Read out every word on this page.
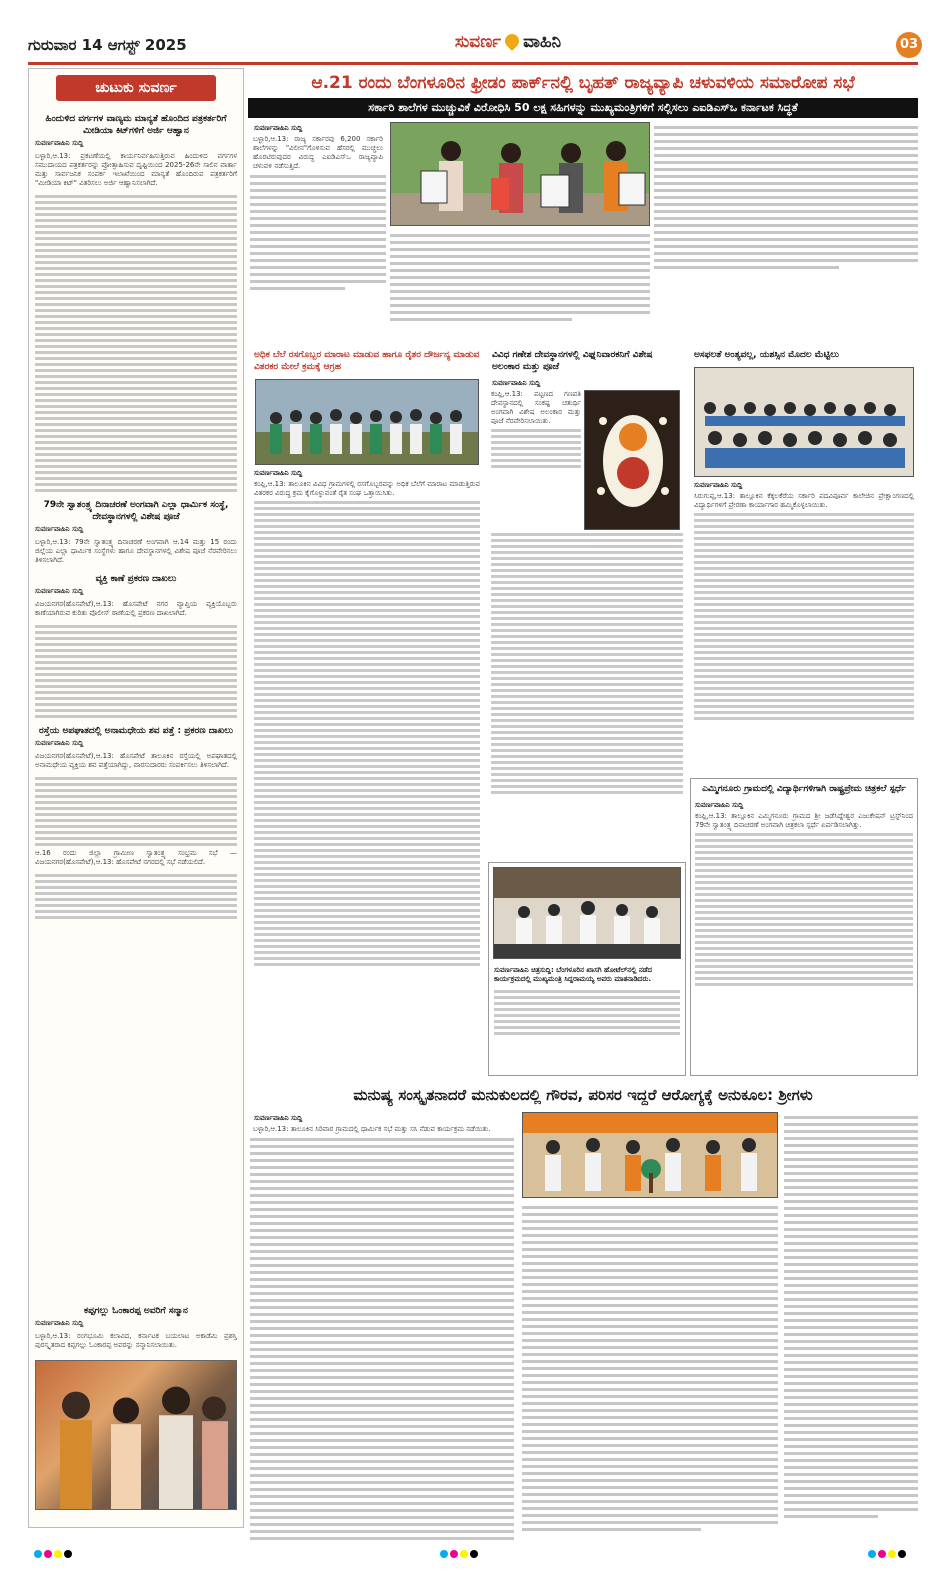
ಗುರುವಾರ 14 ಆಗಸ್ಟ್ 2025	ಸುವರ್ಣ ವಾಹಿನಿ	03
ಚುಟುಕು ಸುವರ್ಣ
ಹಿಂದುಳಿದ ವರ್ಗಗಳ ವಾಣ್ಯಮ ಮಾನ್ಯತೆ ಹೊಂದಿದ ಪತ್ರಕರ್ತರಿಗೆ ಮೀಡಿಯಾ ಕಿಟ್‌ಗಳಿಗೆ ಅರ್ಜಿ ಆಹ್ವಾನ
ಸುವರ್ಣವಾಹಿನಿ ಸುದ್ದಿ
ಬಳ್ಳಾರಿ,ಆ.13: ಪ್ರಕಟಣೆಯಲ್ಲಿ ಕಾರ್ಯನಿರ್ವಹಿಸುತ್ತಿರುವ ಹಿಂದುಳಿದ ವರ್ಗಗಳ ಸಮುದಾಯದ ಪತ್ರಕರ್ತರನ್ನು ಪ್ರೋತ್ಸಾಹಿಸುವ ದೃಷ್ಟಿಯಿಂದ 2025-26ನೇ ಸಾಲಿನ ವಾರ್ತಾ ಮತ್ತು ಸಾರ್ವಜನಿಕ ಸಂಪರ್ಕ ಇಲಾಖೆಯಿಂದ ಮಾನ್ಯತೆ ಹೊಂದಿರುವ ಪತ್ರಕರ್ತರಿಗೆ "ಮೀಡಿಯಾ ಕಿಟ್" ವಿತರಿಸಲು ಅರ್ಜಿ ಆಹ್ವಾನಿಸಲಾಗಿದೆ.
79ನೇ ಸ್ವಾತಂತ್ರ್ಯ ದಿನಾಚರಣೆ ಅಂಗವಾಗಿ ಎಲ್ಲಾ ಧಾರ್ಮಿಕ ಸಂಸ್ಥೆ, ದೇವಸ್ಥಾನಗಳಲ್ಲಿ ವಿಶೇಷ ಪೂಜೆ
ಸುವರ್ಣವಾಹಿನಿ ಸುದ್ದಿ
ಬಳ್ಳಾರಿ,ಆ.13: 79ನೇ ಸ್ವಾತಂತ್ರ್ಯ ದಿನಾಚರಣೆ ಅಂಗವಾಗಿ ಆ.14 ಮತ್ತು 15 ರಂದು ಜಿಲ್ಲೆಯ ಎಲ್ಲಾ ಧಾರ್ಮಿಕ ಸಂಸ್ಥೆಗಳು ಹಾಗೂ ದೇವಸ್ಥಾನಗಳಲ್ಲಿ ವಿಶೇಷ ಪೂಜೆ ನೆರವೇರಿಸಲು ತಿಳಿಸಲಾಗಿದೆ.
ವ್ಯಕ್ತಿ ಕಾಣೆ ಪ್ರಕರಣ ದಾಖಲು
ಸುವರ್ಣವಾಹಿನಿ ಸುದ್ದಿ
ವಿಜಯನಗರ(ಹೊಸಪೇಟೆ),ಆ.13: ಹೊಸಪೇಟೆ ನಗರ ವ್ಯಾಪ್ತಿಯ ವ್ಯಕ್ತಿಯೊಬ್ಬರು ಕಾಣೆಯಾಗಿರುವ ಕುರಿತು ಪೊಲೀಸ್ ಠಾಣೆಯಲ್ಲಿ ಪ್ರಕರಣ ದಾಖಲಾಗಿದೆ.
ರಸ್ತೆಯ ಅಪಘಾತದಲ್ಲಿ ಅನಾಮಧೇಯ ಶವ ಪತ್ತೆ : ಪ್ರಕರಣ ದಾಖಲು
ಸುವರ್ಣವಾಹಿನಿ ಸುದ್ದಿ
ವಿಜಯನಗರ(ಹೊಸಪೇಟೆ),ಆ.13: ಹೊಸಪೇಟೆ ತಾಲೂಕಿನ ರಸ್ತೆಯಲ್ಲಿ ಅಪಘಾತದಲ್ಲಿ ಅನಾಮಧೇಯ ವ್ಯಕ್ತಿಯ ಶವ ಪತ್ತೆಯಾಗಿದ್ದು, ವಾರಸುದಾರರು ಸಂಪರ್ಕಿಸಲು ತಿಳಿಸಲಾಗಿದೆ.
ಆ.16 ರಂದು ಜಿಲ್ಲಾ ಗ್ರಾಮೀಣ ಸ್ವಾತಂತ್ರ್ಯ ಸಂಭ್ರಮ ಸಭೆ — ವಿಜಯನಗರ(ಹೊಸಪೇಟೆ),ಆ.13: ಹೊಸಪೇಟೆ ನಗರದಲ್ಲಿ ಸಭೆ ನಡೆಯಲಿದೆ.
ಕಪ್ಪಗಲ್ಲು ಓಂಕಾರಪ್ಪ ಅವರಿಗೆ ಸನ್ಮಾನ
ಸುವರ್ಣವಾಹಿನಿ ಸುದ್ದಿ
ಬಳ್ಳಾರಿ,ಆ.13: ರಂಗಭೂಮಿ ಕಲಾವಿದ, ಕರ್ನಾಟಕ ಬಯಲಾಟ ಅಕಾಡೆಮಿ ಪ್ರಶಸ್ತಿ ಪುರಸ್ಕೃತರಾದ ಕಪ್ಪಗಲ್ಲು ಓಂಕಾರಪ್ಪ ಅವರನ್ನು ಸನ್ಮಾನಿಸಲಾಯಿತು.
ಆ.21 ರಂದು ಬೆಂಗಳೂರಿನ ಫ್ರೀಡಂ ಪಾರ್ಕ್‌ನಲ್ಲಿ ಬೃಹತ್ ರಾಜ್ಯವ್ಯಾಪಿ ಚಳುವಳಿಯ ಸಮಾರೋಪ ಸಭೆ
ಸರ್ಕಾರಿ ಶಾಲೆಗಳ ಮುಚ್ಚುವಿಕೆ ವಿರೋಧಿಸಿ 50 ಲಕ್ಷ ಸಹಿಗಳನ್ನು ಮುಖ್ಯಮಂತ್ರಿಗಳಿಗೆ ಸಲ್ಲಿಸಲು ಎಐಡಿಎಸ್‌ಒ ಕರ್ನಾಟಕ ಸಿದ್ಧತೆ
ಸುವರ್ಣವಾಹಿನಿ ಸುದ್ದಿ
ಬಳ್ಳಾರಿ,ಆ.13: ರಾಜ್ಯ ಸರ್ಕಾರವು 6,200 ಸರ್ಕಾರಿ ಶಾಲೆಗಳನ್ನು "ವಿಲೀನ"ಗೊಳಿಸುವ ಹೆಸರಲ್ಲಿ ಮುಚ್ಚಲು ಹೊರಟಿರುವುದರ ವಿರುದ್ಧ ಎಐಡಿಎಸ್‌ಒ ರಾಜ್ಯವ್ಯಾಪಿ ಚಳುವಳಿ ನಡೆಸುತ್ತಿದೆ.
ಅಧಿಕ ಬೆಲೆ ರಸಗೊಬ್ಬರ ಮಾರಾಟ ಮಾಡುವ ಹಾಗೂ ರೈತರ ದೌರ್ಜನ್ಯ ಮಾಡುವ ವಿತರಕರ ಮೇಲೆ ಕ್ರಮಕ್ಕೆ ಆಗ್ರಹ
ಸುವರ್ಣವಾಹಿನಿ ಸುದ್ದಿ
ಕಂಪ್ಲಿ,ಆ.13: ತಾಲೂಕಿನ ವಿವಿಧ ಗ್ರಾಮಗಳಲ್ಲಿ ರಸಗೊಬ್ಬರವನ್ನು ಅಧಿಕ ಬೆಲೆಗೆ ಮಾರಾಟ ಮಾಡುತ್ತಿರುವ ವಿತರಕರ ವಿರುದ್ಧ ಕ್ರಮ ಕೈಗೊಳ್ಳುವಂತೆ ರೈತ ಸಂಘ ಒತ್ತಾಯಿಸಿತು.
ವಿವಿಧ ಗಣೇಶ ದೇವಸ್ಥಾನಗಳಲ್ಲಿ ವಿಘ್ನನಿವಾರಕನಿಗೆ ವಿಶೇಷ ಅಲಂಕಾರ ಮತ್ತು ಪೂಜೆ
ಸುವರ್ಣವಾಹಿನಿ ಸುದ್ದಿ
ಕಂಪ್ಲಿ,ಆ.13: ಪಟ್ಟಣದ ಗಣಪತಿ ದೇವಸ್ಥಾನದಲ್ಲಿ ಸಂಕಷ್ಟ ಚತುರ್ಥಿ ಅಂಗವಾಗಿ ವಿಶೇಷ ಅಲಂಕಾರ ಮತ್ತು ಪೂಜೆ ನೆರವೇರಿಸಲಾಯಿತು.
ಅಸಫಲತೆ ಅಂತ್ಯವಲ್ಲ, ಯಶಸ್ಸಿನ ಮೊದಲ ಮೆಟ್ಟಿಲು
ಸುವರ್ಣವಾಹಿನಿ ಸುದ್ದಿ
ಸಿರುಗುಪ್ಪ,ಆ.13: ತಾಲ್ಲೂಕಿನ ಕೆಕ್ಕಲಕೆರೆಯ ಸರ್ಕಾರಿ ಪದವಿಪೂರ್ವ ಕಾಲೇಜಿನ ಪ್ರೇಕ್ಷಾಂಗಣದಲ್ಲಿ ವಿದ್ಯಾರ್ಥಿಗಳಿಗೆ ಪ್ರೇರಣಾ ಕಾರ್ಯಾಗಾರ ಹಮ್ಮಿಕೊಳ್ಳಲಾಯಿತು.
ಎಮ್ಮಿಗನೂರು ಗ್ರಾಮದಲ್ಲಿ ವಿದ್ಯಾರ್ಥಿಗಳಿಗಾಗಿ ರಾಷ್ಟ್ರಪ್ರೇಮ ಚಿತ್ರಕಲೆ ಸ್ಪರ್ಧೆ
ಸುವರ್ಣವಾಹಿನಿ ಸುದ್ದಿ
ಕಂಪ್ಲಿ,ಆ.13: ತಾಲ್ಲೂಕಿನ ಎಮ್ಮಿಗನೂರು ಗ್ರಾಮದ ಶ್ರೀ ಜಡೆಸಿದ್ದೇಶ್ವರ ಎಜುಕೇಷನ್ ಟ್ರಸ್ಟ್‌ನಿಂದ 79ನೇ ಸ್ವಾತಂತ್ರ್ಯ ದಿನಾಚರಣೆ ಅಂಗವಾಗಿ ಚಿತ್ರಕಲಾ ಸ್ಪರ್ಧೆ ಏರ್ಪಡಿಸಲಾಗಿತ್ತು.
ಸುವರ್ಣವಾಹಿನಿ ಚಿತ್ರಸುದ್ದಿ: ಬೆಂಗಳೂರಿನ ಖಾಸಗಿ ಹೋಟೆಲ್‌ನಲ್ಲಿ ನಡೆದ ಕಾರ್ಯಕ್ರಮದಲ್ಲಿ ಮುಖ್ಯಮಂತ್ರಿ ಸಿದ್ದರಾಮಯ್ಯ ಅವರು ಮಾತನಾಡಿದರು.
ಮನುಷ್ಯ ಸಂಸ್ಕೃತನಾದರೆ ಮನುಕುಲದಲ್ಲಿ ಗೌರವ, ಪರಿಸರ ಇದ್ದರೆ ಆರೋಗ್ಯಕ್ಕೆ ಅನುಕೂಲ: ಶ್ರೀಗಳು
ಸುವರ್ಣವಾಹಿನಿ ಸುದ್ದಿ
ಬಳ್ಳಾರಿ,ಆ.13: ತಾಲೂಕಿನ ಸಿರಿವಾರ ಗ್ರಾಮದಲ್ಲಿ ಧಾರ್ಮಿಕ ಸಭೆ ಮತ್ತು ಸಸಿ ನೆಡುವ ಕಾರ್ಯಕ್ರಮ ನಡೆಯಿತು.
